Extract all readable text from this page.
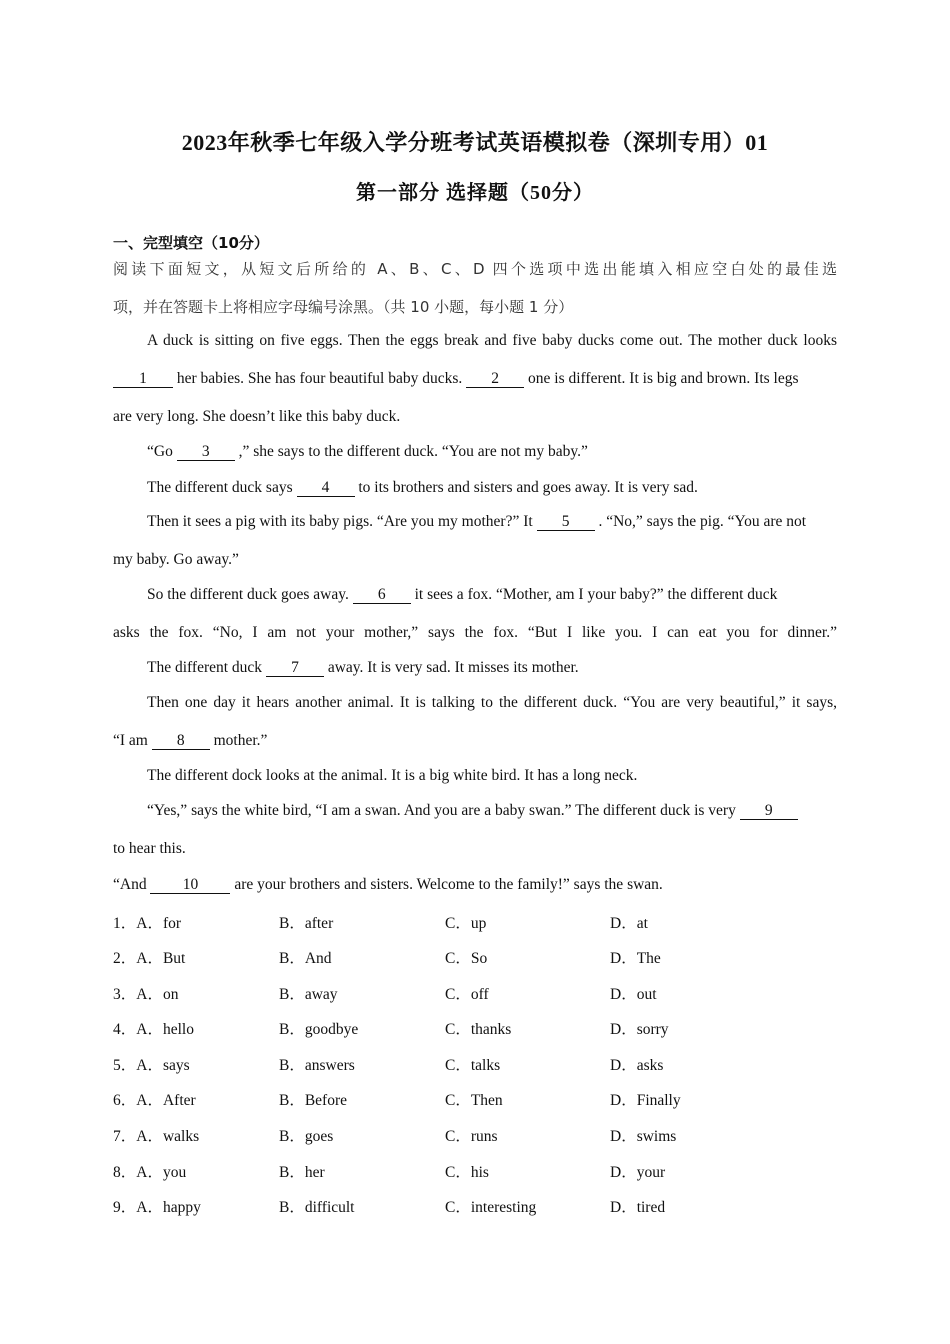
2023年秋季七年级入学分班考试英语模拟卷（深圳专用）01
第一部分 选择题（50分）
一、完型填空（10分）
阅读下面短文，从短文后所给的 A、B、C、D 四个选项中选出能填入相应空白处的最佳选
项，并在答题卡上将相应字母编号涂黑。（共 10 小题，每小题 1 分）
A duck is sitting on five eggs. Then the eggs break and five baby ducks come out. The mother duck looks
1 her babies. She has four beautiful baby ducks. 2 one is different. It is big and brown. Its legs
are very long. She doesn’t like this baby duck.
“Go 3 ,” she says to the different duck. “You are not my baby.”
The different duck says 4 to its brothers and sisters and goes away. It is very sad.
Then it sees a pig with its baby pigs. “Are you my mother?” It 5 . “No,” says the pig. “You are not
my baby. Go away.”
So the different duck goes away. 6 it sees a fox. “Mother, am I your baby?” the different duck
asks the fox. “No, I am not your mother,” says the fox. “But I like you. I can eat you for dinner.”
The different duck 7 away. It is very sad. It misses its mother.
Then one day it hears another animal. It is talking to the different duck. “You are very beautiful,” it says,
“I am 8 mother.”
The different dock looks at the animal. It is a big white bird. It has a long neck.
“Yes,” says the white bird, “I am a swan. And you are a baby swan.” The different duck is very 9
to hear this.
“And 10 are your brothers and sisters. Welcome to the family!” says the swan.
1．A．for	B．after	C．up	D．at
2．A．But	B．And	C．So	D．The
3．A．on	B．away	C．off	D．out
4．A．hello	B．goodbye	C．thanks	D．sorry
5．A．says	B．answers	C．talks	D．asks
6．A．After	B．Before	C．Then	D．Finally
7．A．walks	B．goes	C．runs	D．swims
8．A．you	B．her	C．his	D．your
9．A．happy	B．difficult	C．interesting	D．tired
